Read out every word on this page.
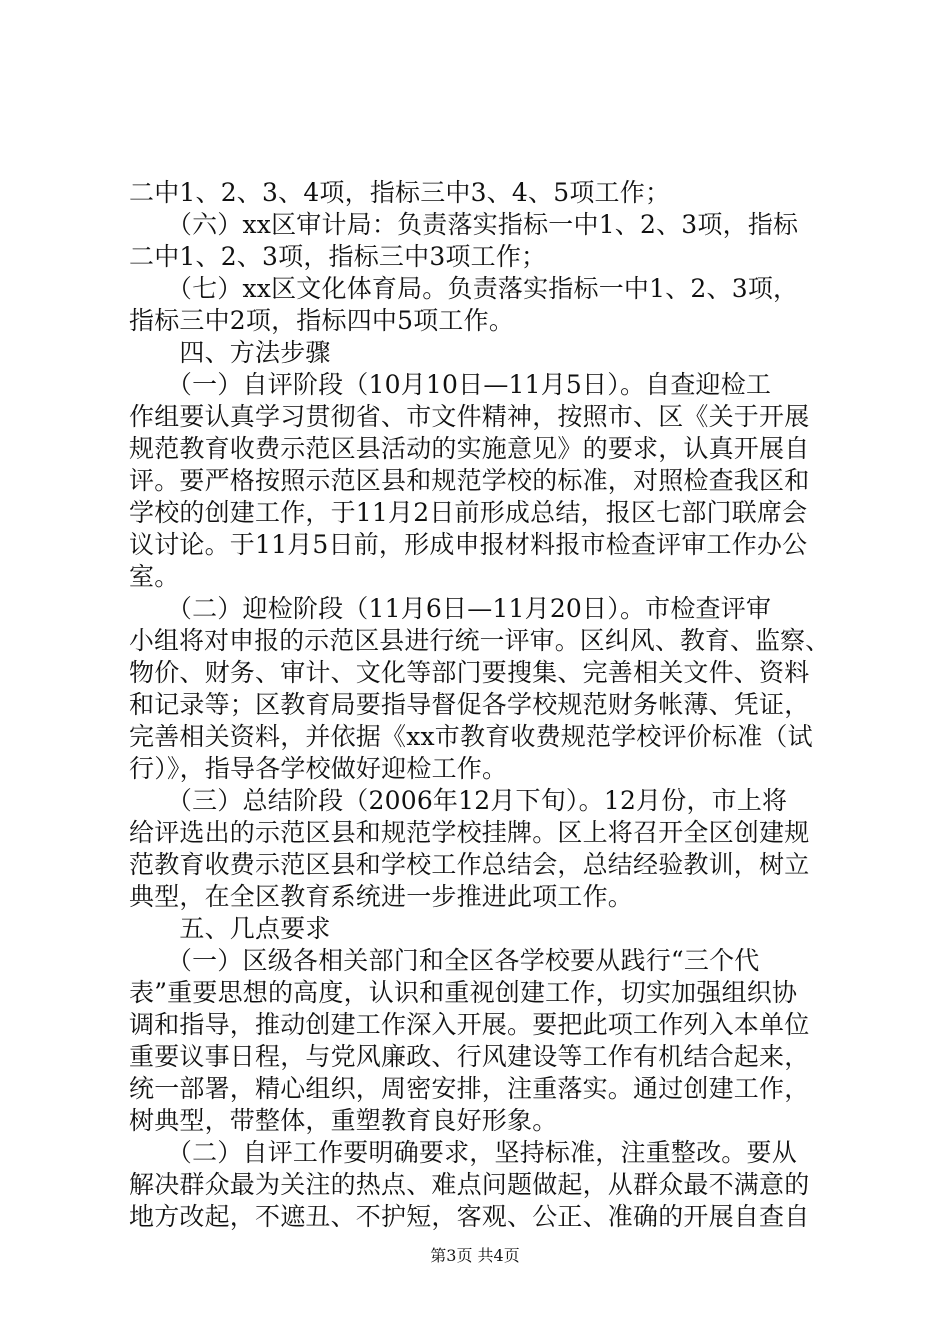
二中1、2、3、4项，指标三中3、4、5项工作；
　　（六）xx区审计局：负责落实指标一中1、2、3项，指标
二中1、2、3项，指标三中3项工作；
　　（七）xx区文化体育局。负责落实指标一中1、2、3项，
指标三中2项，指标四中5项工作。
　　四、方法步骤
　　（一）自评阶段（10月10日—11月5日）。自查迎检工
作组要认真学习贯彻省、市文件精神，按照市、区《关于开展
规范教育收费示范区县活动的实施意见》的要求，认真开展自
评。要严格按照示范区县和规范学校的标准，对照检查我区和
学校的创建工作，于11月2日前形成总结，报区七部门联席会
议讨论。于11月5日前，形成申报材料报市检查评审工作办公
室。
　　（二）迎检阶段（11月6日—11月20日）。市检查评审
小组将对申报的示范区县进行统一评审。区纠风、教育、监察、
物价、财务、审计、文化等部门要搜集、完善相关文件、资料
和记录等；区教育局要指导督促各学校规范财务帐薄、凭证，
完善相关资料，并依据《xx市教育收费规范学校评价标准（试
行）》，指导各学校做好迎检工作。
　　（三）总结阶段（2006年12月下旬）。12月份，市上将
给评选出的示范区县和规范学校挂牌。区上将召开全区创建规
范教育收费示范区县和学校工作总结会，总结经验教训，树立
典型，在全区教育系统进一步推进此项工作。
　　五、几点要求
　　（一）区级各相关部门和全区各学校要从践行“三个代
表”重要思想的高度，认识和重视创建工作，切实加强组织协
调和指导，推动创建工作深入开展。要把此项工作列入本单位
重要议事日程，与党风廉政、行风建设等工作有机结合起来，
统一部署，精心组织，周密安排，注重落实。通过创建工作，
树典型，带整体，重塑教育良好形象。
　　（二）自评工作要明确要求，坚持标准，注重整改。要从
解决群众最为关注的热点、难点问题做起，从群众最不满意的
地方改起，不遮丑、不护短，客观、公正、准确的开展自查自
第3页 共4页
